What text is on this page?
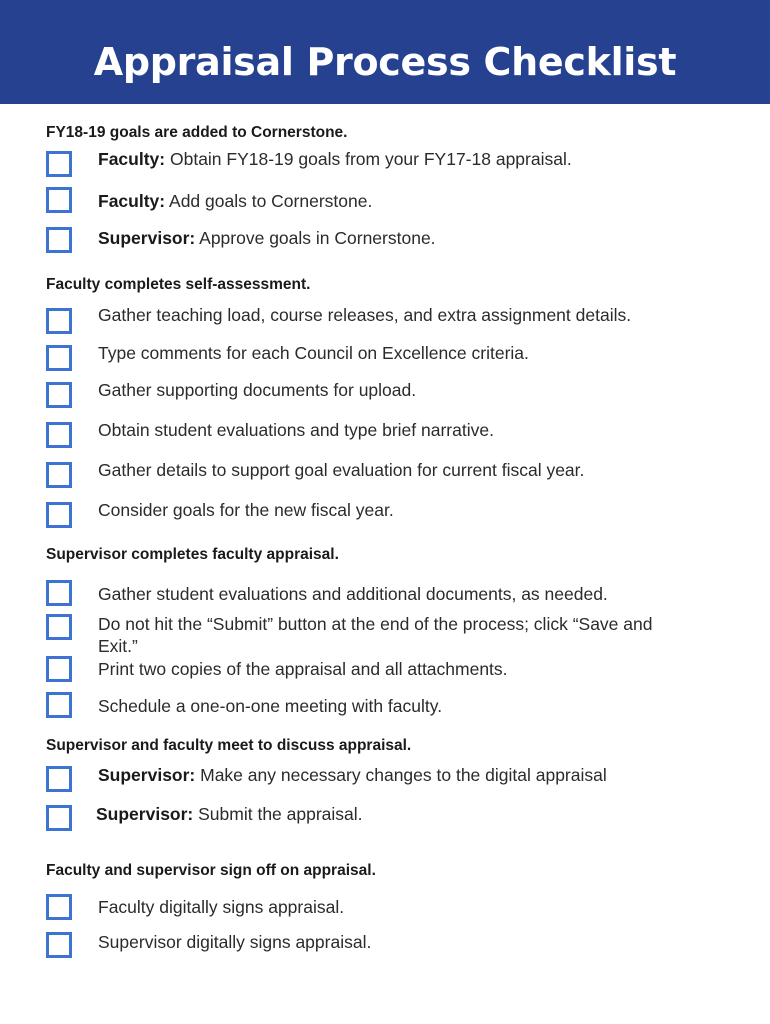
Appraisal Process Checklist
FY18-19 goals are added to Cornerstone.
Faculty: Obtain FY18-19 goals from your FY17-18 appraisal.
Faculty: Add goals to Cornerstone.
Supervisor: Approve goals in Cornerstone.
Faculty completes self-assessment.
Gather teaching load, course releases, and extra assignment details.
Type comments for each Council on Excellence criteria.
Gather supporting documents for upload.
Obtain student evaluations and type brief narrative.
Gather details to support goal evaluation for current fiscal year.
Consider goals for the new fiscal year.
Supervisor completes faculty appraisal.
Gather student evaluations and additional documents, as needed.
Do not hit the “Submit” button at the end of the process; click “Save and Exit.”
Print two copies of the appraisal and all attachments.
Schedule a one-on-one meeting with faculty.
Supervisor and faculty meet to discuss appraisal.
Supervisor: Make any necessary changes to the digital appraisal
Supervisor: Submit the appraisal.
Faculty and supervisor sign off on appraisal.
Faculty digitally signs appraisal.
Supervisor digitally signs appraisal.
